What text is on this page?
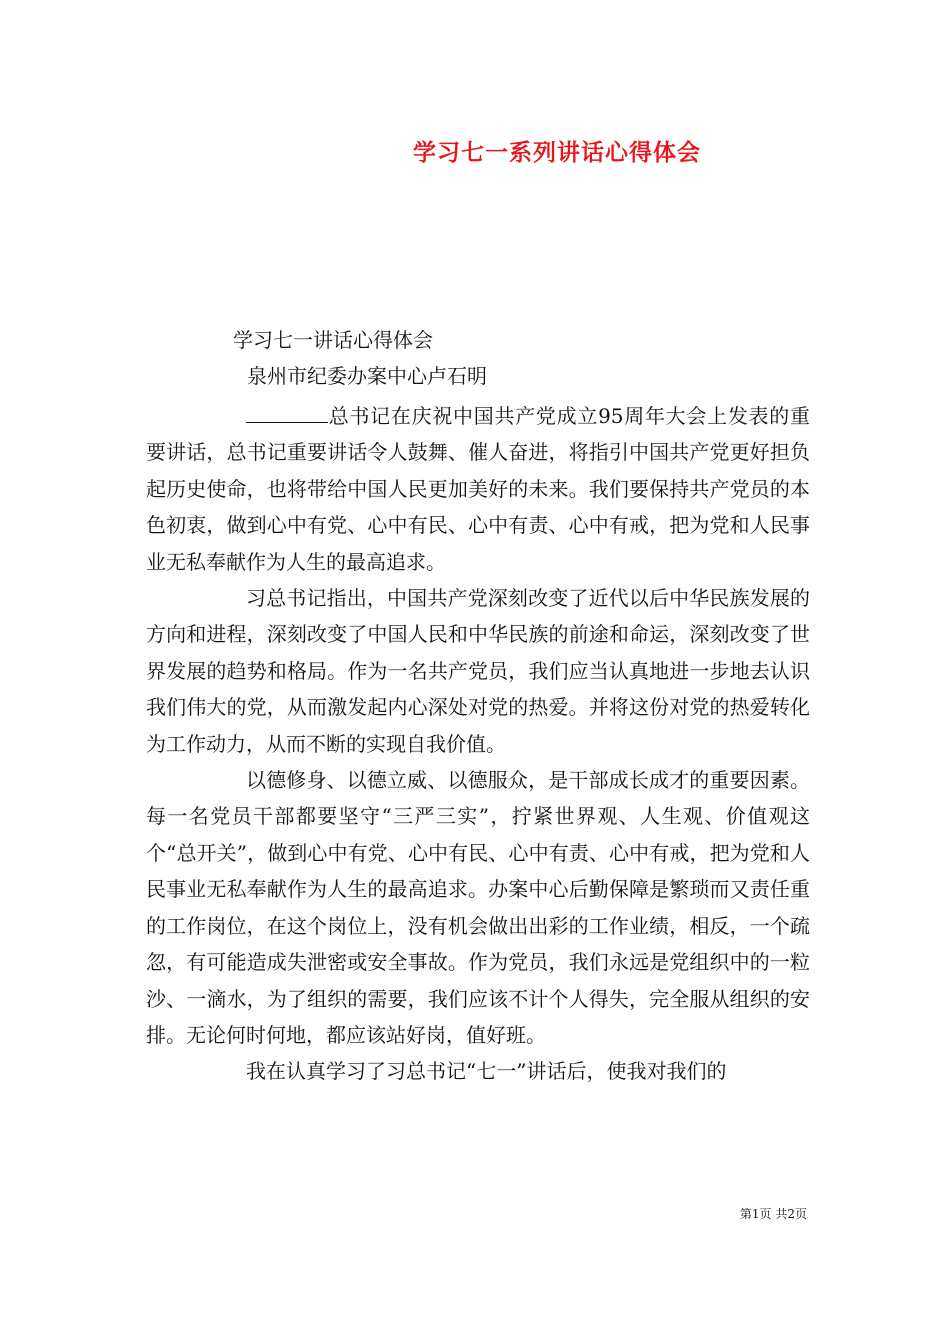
学习七一系列讲话心得体会
学习七一讲话心得体会
泉州市纪委办案中心卢石明

总书记在庆祝中国共产党成立95周年大会上发表的重要讲话，总书记重要讲话令人鼓舞、催人奋进，将指引中国共产党更好担负起历史使命，也将带给中国人民更加美好的未来。我们要保持共产党员的本色初衷，做到心中有党、心中有民、心中有责、心中有戒，把为党和人民事业无私奉献作为人生的最高追求。

习总书记指出，中国共产党深刻改变了近代以后中华民族发展的方向和进程，深刻改变了中国人民和中华民族的前途和命运，深刻改变了世界发展的趋势和格局。作为一名共产党员，我们应当认真地进一步地去认识我们伟大的党，从而激发起内心深处对党的热爱。并将这份对党的热爱转化为工作动力，从而不断的实现自我价值。

以德修身、以德立威、以德服众，是干部成长成才的重要因素。每一名党员干部都要坚守“三严三实”，拧紧世界观、人生观、价值观这个“总开关”，做到心中有党、心中有民、心中有责、心中有戒，把为党和人民事业无私奉献作为人生的最高追求。办案中心后勤保障是繁琐而又责任重的工作岗位，在这个岗位上，没有机会做出出彩的工作业绩，相反，一个疏忽，有可能造成失泄密或安全事故。作为党员，我们永远是党组织中的一粒沙、一滴水，为了组织的需要，我们应该不计个人得失，完全服从组织的安排。无论何时何地，都应该站好岗，值好班。

我在认真学习了习总书记“七一”讲话后，使我对我们的

第1页 共2页
